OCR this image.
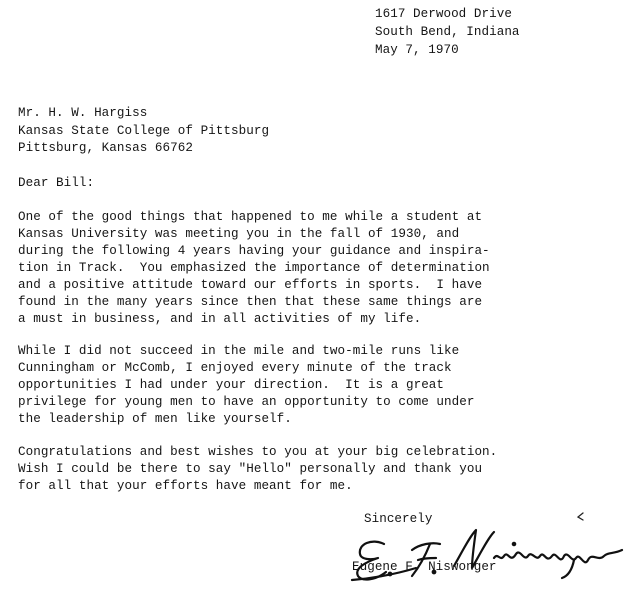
1617 Derwood Drive
South Bend, Indiana
May 7, 1970
Mr. H. W. Hargiss
Kansas State College of Pittsburg
Pittsburg, Kansas 66762
Dear Bill:
One of the good things that happened to me while a student at
Kansas University was meeting you in the fall of 1930, and
during the following 4 years having your guidance and inspira-
tion in Track.  You emphasized the importance of determination
and a positive attitude toward our efforts in sports.  I have
found in the many years since then that these same things are
a must in business, and in all activities of my life.
While I did not succeed in the mile and two-mile runs like
Cunningham or McComb, I enjoyed every minute of the track
opportunities I had under your direction.  It is a great
privilege for young men to have an opportunity to come under
the leadership of men like yourself.
Congratulations and best wishes to you at your big celebration.
Wish I could be there to say "Hello" personally and thank you
for all that your efforts have meant for me.
Sincerely
Eugene F. Niswonger
